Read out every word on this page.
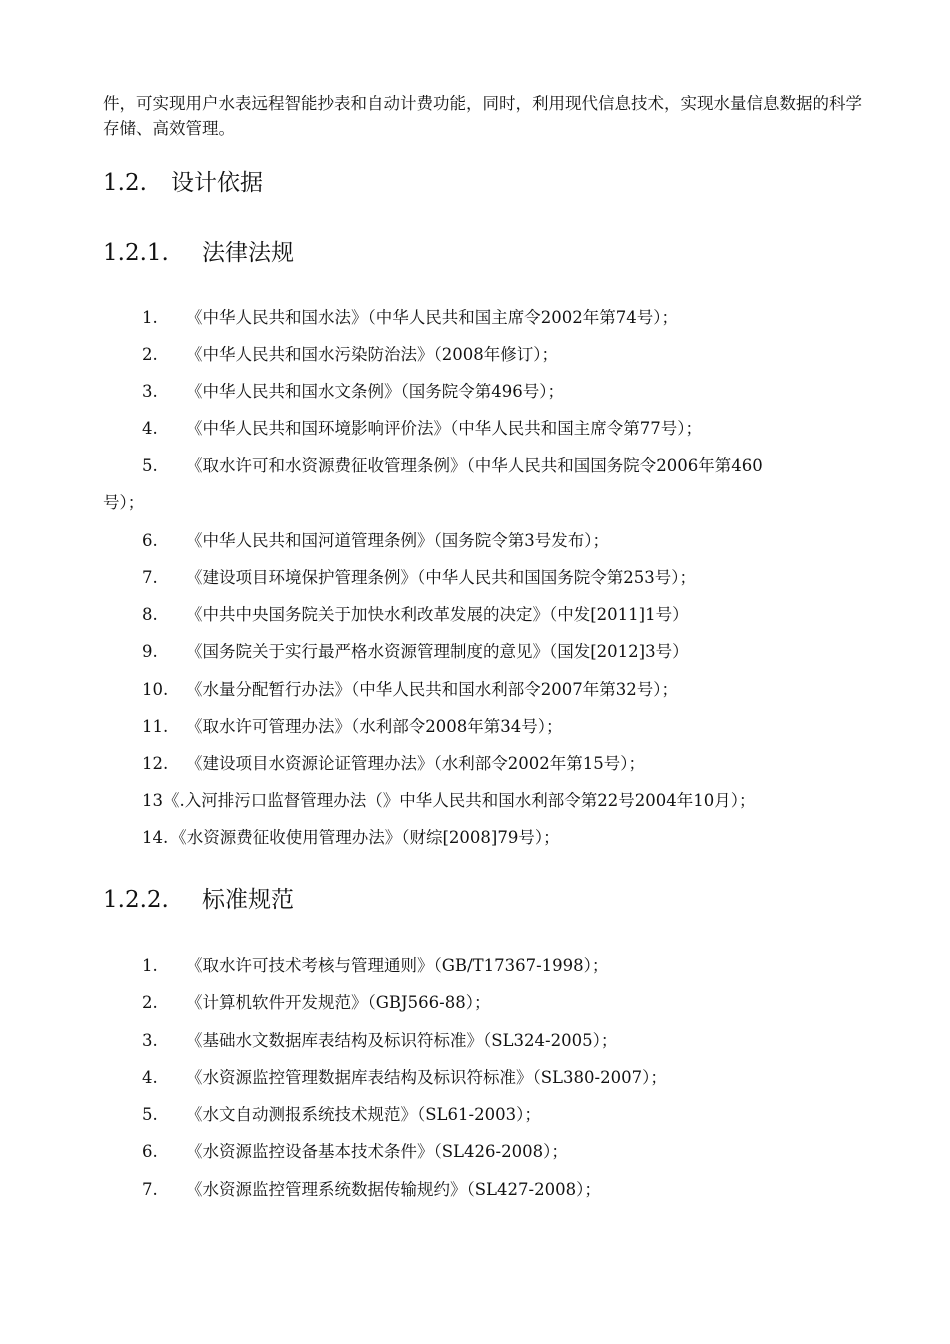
件，可实现用户水表远程智能抄表和自动计费功能，同时，利用现代信息技术，实现水量信息数据的科学存储、高效管理。

1.2. 设计依据
1.2.1. 法律法规

1. 《中华人民共和国水法》（中华人民共和国主席令2002年第74号）；

2. 《中华人民共和国水污染防治法》（2008年修订）；

3. 《中华人民共和国水文条例》（国务院令第496号）；

4. 《中华人民共和国环境影响评价法》（中华人民共和国主席令第77号）；

5. 《取水许可和水资源费征收管理条例》（中华人民共和国国务院令2006年第460

号）；

6. 《中华人民共和国河道管理条例》（国务院令第3号发布）；

7. 《建设项目环境保护管理条例》（中华人民共和国国务院令第253号）；

8. 《中共中央国务院关于加快水利改革发展的决定》（中发[2011]1号）

9. 《国务院关于实行最严格水资源管理制度的意见》（国发[2012]3号）

10. 《水量分配暂行办法》（中华人民共和国水利部令2007年第32号）；

11. 《取水许可管理办法》（水利部令2008年第34号）；

12. 《建设项目水资源论证管理办法》（水利部令2002年第15号）；

13《.入河排污口监督管理办法（》中华人民共和国水利部令第22号2004年10月）；

14. 《水资源费征收使用管理办法》（财综[2008]79号）；

1.2.2. 标准规范

1. 《取水许可技术考核与管理通则》（GB/T17367-1998）；

2. 《计算机软件开发规范》（GBJ566-88）；

3. 《基础水文数据库表结构及标识符标准》（SL324-2005）；

4. 《水资源监控管理数据库表结构及标识符标准》（SL380-2007）；

5. 《水文自动测报系统技术规范》（SL61-2003）；

6. 《水资源监控设备基本技术条件》（SL426-2008）；

7. 《水资源监控管理系统数据传输规约》（SL427-2008）；
